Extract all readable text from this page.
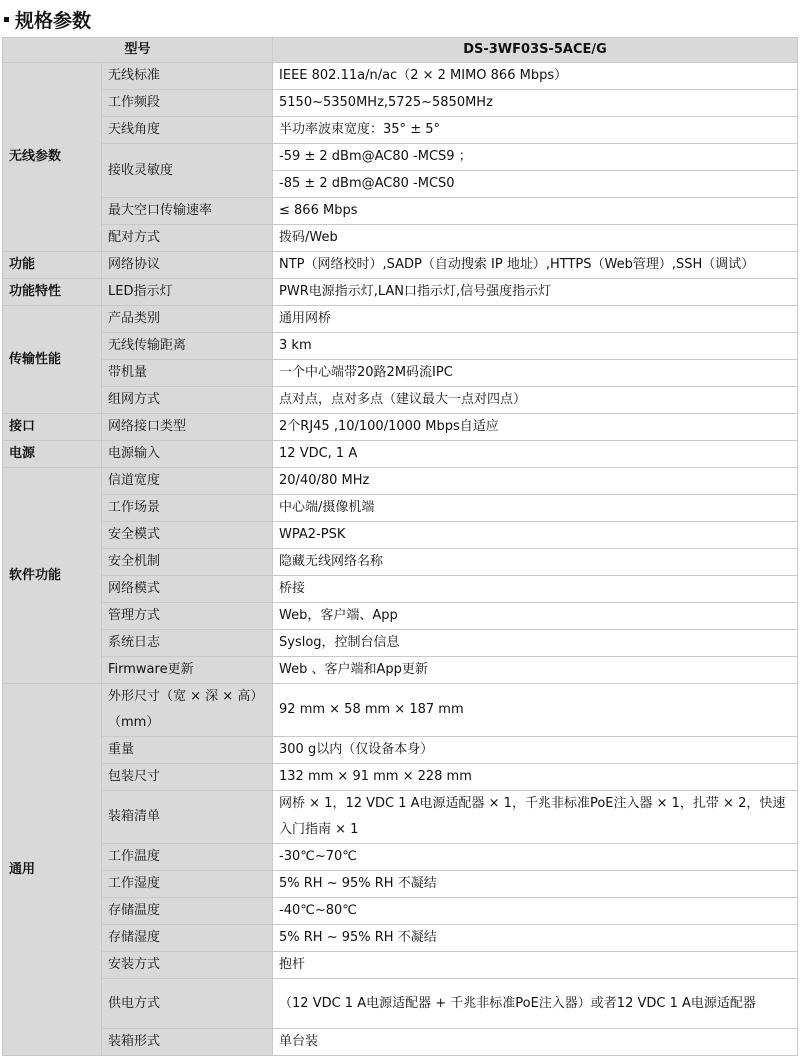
规格参数
型号		DS-3WF03S-5ACE/G
无线参数	无线标准	IEEE 802.11a/n/ac（2 × 2 MIMO 866 Mbps）
	工作频段	5150~5350MHz,5725~5850MHz
	天线角度	半功率波束宽度：35° ± 5°
	接收灵敏度	-59 ± 2 dBm@AC80 -MCS9 ；
		-85 ± 2 dBm@AC80 -MCS0
	最大空口传输速率	≤ 866 Mbps
	配对方式	拨码/Web
功能	网络协议	NTP（网络校时）,SADP（自动搜索 IP 地址）,HTTPS（Web管理）,SSH（调试）
功能特性	LED指示灯	PWR电源指示灯,LAN口指示灯,信号强度指示灯
传输性能	产品类别	通用网桥
	无线传输距离	3 km
	带机量	一个中心端带20路2M码流IPC
	组网方式	点对点，点对多点（建议最大一点对四点）
接口	网络接口类型	2个RJ45 ,10/100/1000 Mbps自适应
电源	电源输入	12 VDC, 1 A
软件功能	信道宽度	20/40/80 MHz
	工作场景	中心端/摄像机端
	安全模式	WPA2-PSK
	安全机制	隐藏无线网络名称
	网络模式	桥接
	管理方式	Web，客户端、App
	系统日志	Syslog，控制台信息
	Firmware更新	Web 、客户端和App更新
通用	外形尺寸（宽 × 深 × 高）（mm）	92 mm × 58 mm × 187 mm
	重量	300 g以内（仅设备本身）
	包装尺寸	132 mm × 91 mm × 228 mm
	装箱清单	网桥 × 1，12 VDC 1 A电源适配器 × 1，千兆非标准PoE注入器 × 1，扎带 × 2，快速入门指南 × 1
	工作温度	-30℃~70℃
	工作湿度	5% RH ~ 95% RH 不凝结
	存储温度	-40℃~80℃
	存储湿度	5% RH ~ 95% RH 不凝结
	安装方式	抱杆
	供电方式	（12 VDC 1 A电源适配器 + 千兆非标准PoE注入器）或者12 VDC 1 A电源适配器
	装箱形式	单台装
